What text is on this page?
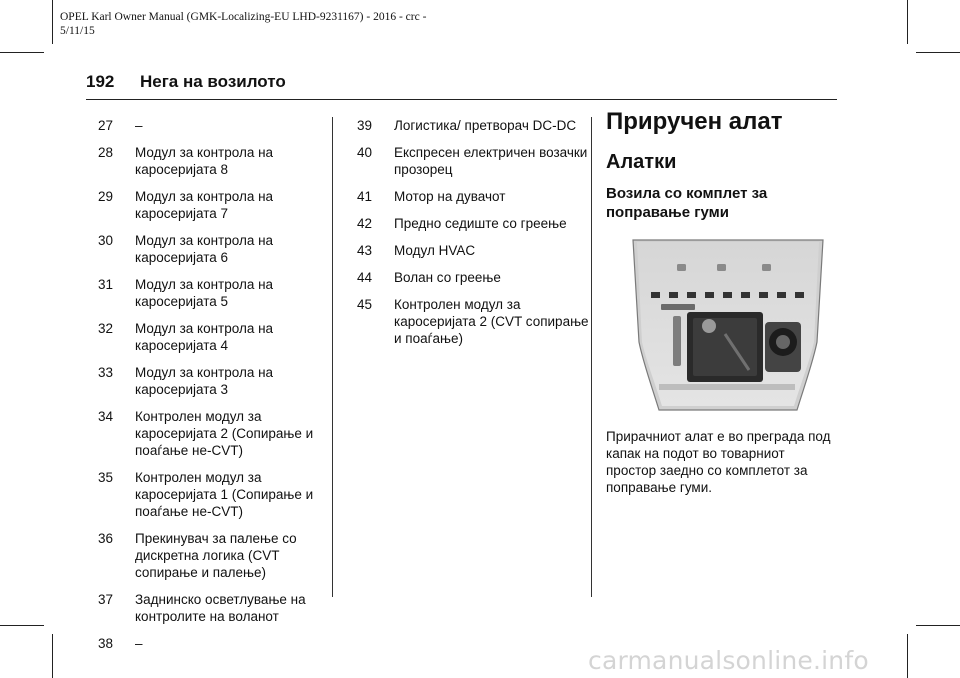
OPEL Karl Owner Manual (GMK-Localizing-EU LHD-9231167) - 2016 - crc -
5/11/15
192 Нега на возилото
27	–
28	Модул за контрола на каросеријата 8
29	Модул за контрола на каросеријата 7
30	Модул за контрола на каросеријата 6
31	Модул за контрола на каросеријата 5
32	Модул за контрола на каросеријата 4
33	Модул за контрола на каросеријата 3
34	Контролен модул за каросеријата 2 (Сопирање и поаѓање не-CVT)
35	Контролен модул за каросеријата 1 (Сопирање и поаѓање не-CVT)
36	Прекинувач за палење со дискретна логика (CVT сопирање и палење)
37	Заднинско осветлување на контролите на воланот
38	–
39	Логистика/ претворач DC-DC
40	Експресен електричен возачки прозорец
41	Мотор на дувачот
42	Предно седиште со греење
43	Модул HVAC
44	Волан со греење
45	Контролен модул за каросеријата 2 (CVT сопирање и поаѓање)
Приручен алат
Алатки
Возила со комплет за поправање гуми
Прирачниот алат е во преграда под капак на подот во товарниот простор заедно со комплетот за поправање гуми.
carmanualsonline.info
